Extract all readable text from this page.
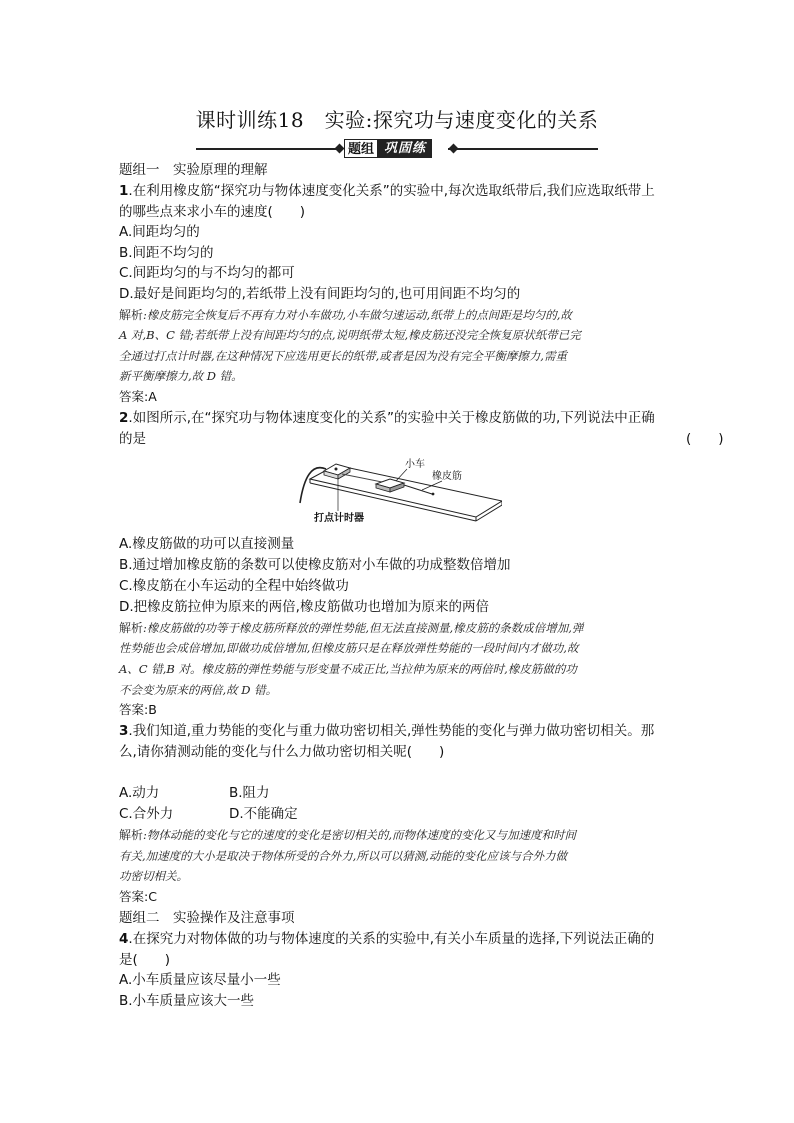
课时训练18　实验:探究功与速度变化的关系
题组 巩固练
题组一　实验原理的理解
1.在利用橡皮筋“探究功与物体速度变化关系”的实验中,每次选取纸带后,我们应选取纸带上
的哪些点来求小车的速度(　　)
A.间距均匀的
B.间距不均匀的
C.间距均匀的与不均匀的都可
D.最好是间距均匀的,若纸带上没有间距均匀的,也可用间距不均匀的
解析:橡皮筋完全恢复后不再有力对小车做功,小车做匀速运动,纸带上的点间距是均匀的,故
A 对,B、C 错;若纸带上没有间距均匀的点,说明纸带太短,橡皮筋还没完全恢复原状纸带已完
全通过打点计时器,在这种情况下应选用更长的纸带,或者是因为没有完全平衡摩擦力,需重
新平衡摩擦力,故 D 错。
答案:A
2.如图所示,在“探究功与物体速度变化的关系”的实验中关于橡皮筋做的功,下列说法中正确
的是	(　　)
A.橡皮筋做的功可以直接测量
B.通过增加橡皮筋的条数可以使橡皮筋对小车做的功成整数倍增加
C.橡皮筋在小车运动的全程中始终做功
D.把橡皮筋拉伸为原来的两倍,橡皮筋做功也增加为原来的两倍
解析:橡皮筋做的功等于橡皮筋所释放的弹性势能,但无法直接测量,橡皮筋的条数成倍增加,弹
性势能也会成倍增加,即做功成倍增加,但橡皮筋只是在释放弹性势能的一段时间内才做功,故
A、C 错,B 对。橡皮筋的弹性势能与形变量不成正比,当拉伸为原来的两倍时,橡皮筋做的功
不会变为原来的两倍,故 D 错。
答案:B
3.我们知道,重力势能的变化与重力做功密切相关,弹性势能的变化与弹力做功密切相关。那
么,请你猜测动能的变化与什么力做功密切相关呢(　　)
A.动力	B.阻力
C.合外力	D.不能确定
解析:物体动能的变化与它的速度的变化是密切相关的,而物体速度的变化又与加速度和时间
有关,加速度的大小是取决于物体所受的合外力,所以可以猜测,动能的变化应该与合外力做
功密切相关。
答案:C
题组二　实验操作及注意事项
4.在探究力对物体做的功与物体速度的关系的实验中,有关小车质量的选择,下列说法正确的
是(　　)
A.小车质量应该尽量小一些
B.小车质量应该大一些
小车
橡皮筋
打点计时器
